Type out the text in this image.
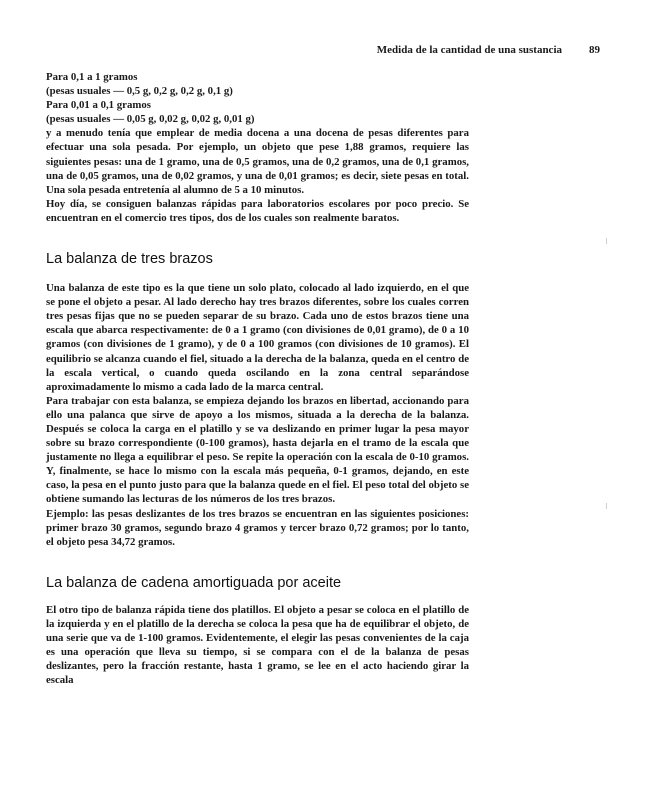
Medida de la cantidad de una sustancia 89

Para 0,1 a 1 gramos

(pesas usuales — 0,5 g, 0,2 g, 0,2 g, 0,1 g)

Para 0,01 a 0,1 gramos

(pesas usuales — 0,05 g, 0,02 g, 0,02 g, 0,01 g)

y a menudo tenía que emplear de media docena a una docena de pesas diferentes para efectuar una sola pesada. Por ejemplo, un objeto que pese 1,88 gramos, requiere las siguientes pesas: una de 1 gramo, una de 0,5 gramos, una de 0,2 gramos, una de 0,1 gramos, una de 0,05 gramos, una de 0,02 gramos, y una de 0,01 gramos; es decir, siete pesas en total. Una sola pesada entretenía al alumno de 5 a 10 minutos.

Hoy día, se consiguen balanzas rápidas para laboratorios escolares por poco precio. Se encuentran en el comercio tres tipos, dos de los cuales son realmente baratos.

La balanza de tres brazos

Una balanza de este tipo es la que tiene un solo plato, colocado al lado izquierdo, en el que se pone el objeto a pesar. Al lado derecho hay tres brazos diferentes, sobre los cuales corren tres pesas fijas que no se pueden separar de su brazo. Cada uno de estos brazos tiene una escala que abarca respectivamente: de 0 a 1 gramo (con divisiones de 0,01 gramo), de 0 a 10 gramos (con divisiones de 1 gramo), y de 0 a 100 gramos (con divisiones de 10 gramos). El equilibrio se alcanza cuando el fiel, situado a la derecha de la balanza, queda en el centro de la escala vertical, o cuando queda oscilando en la zona central separándose aproximadamente lo mismo a cada lado de la marca central.

Para trabajar con esta balanza, se empieza dejando los brazos en libertad, accionando para ello una palanca que sirve de apoyo a los mismos, situada a la derecha de la balanza. Después se coloca la carga en el platillo y se va deslizando en primer lugar la pesa mayor sobre su brazo correspondiente (0-100 gramos), hasta dejarla en el tramo de la escala que justamente no llega a equilibrar el peso. Se repite la operación con la escala de 0-10 gramos. Y, finalmente, se hace lo mismo con la escala más pequeña, 0-1 gramos, dejando, en este caso, la pesa en el punto justo para que la balanza quede en el fiel. El peso total del objeto se obtiene sumando las lecturas de los números de los tres brazos.

Ejemplo: las pesas deslizantes de los tres brazos se encuentran en las siguientes posiciones: primer brazo 30 gramos, segundo brazo 4 gramos y tercer brazo 0,72 gramos; por lo tanto, el objeto pesa 34,72 gramos.

La balanza de cadena amortiguada por aceite

El otro tipo de balanza rápida tiene dos platillos. El objeto a pesar se coloca en el platillo de la izquierda y en el platillo de la derecha se coloca la pesa que ha de equilibrar el objeto, de una serie que va de 1-100 gramos. Evidentemente, el elegir las pesas convenientes de la caja es una operación que lleva su tiempo, si se compara con el de la balanza de pesas deslizantes, pero la fracción restante, hasta 1 gramo, se lee en el acto haciendo girar la escala
